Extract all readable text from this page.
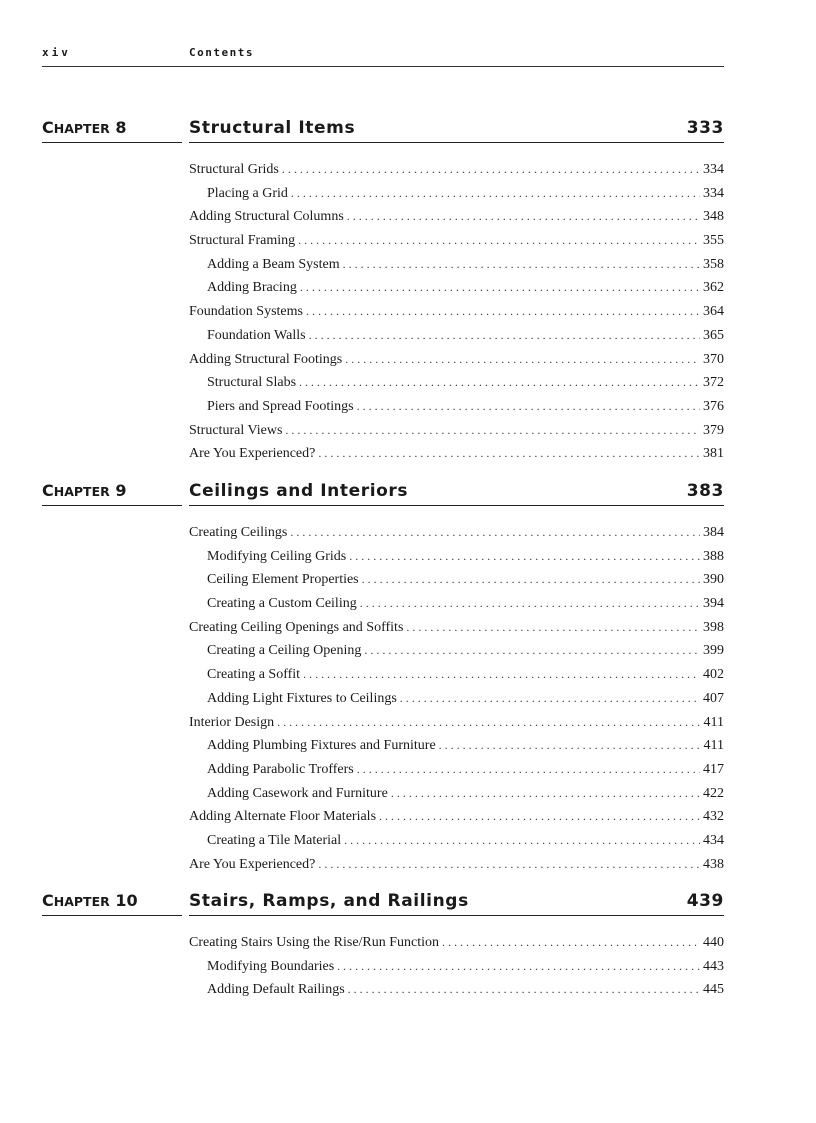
xiv	Contents
CHAPTER 8	Structural Items	333
Structural Grids . . .	334
Placing a Grid . . .	334
Adding Structural Columns . . .	348
Structural Framing . . .	355
Adding a Beam System . . .	358
Adding Bracing . . .	362
Foundation Systems . . .	364
Foundation Walls . . .	365
Adding Structural Footings . . .	370
Structural Slabs . . .	372
Piers and Spread Footings . . .	376
Structural Views . . .	379
Are You Experienced? . . .	381
CHAPTER 9	Ceilings and Interiors	383
Creating Ceilings . . .	384
Modifying Ceiling Grids . . .	388
Ceiling Element Properties . . .	390
Creating a Custom Ceiling . . .	394
Creating Ceiling Openings and Soffits . . .	398
Creating a Ceiling Opening . . .	399
Creating a Soffit . . .	402
Adding Light Fixtures to Ceilings . . .	407
Interior Design . . .	411
Adding Plumbing Fixtures and Furniture . . .	411
Adding Parabolic Troffers . . .	417
Adding Casework and Furniture . . .	422
Adding Alternate Floor Materials . . .	432
Creating a Tile Material . . .	434
Are You Experienced? . . .	438
CHAPTER 10	Stairs, Ramps, and Railings	439
Creating Stairs Using the Rise/Run Function . . .	440
Modifying Boundaries . . .	443
Adding Default Railings . . .	445
